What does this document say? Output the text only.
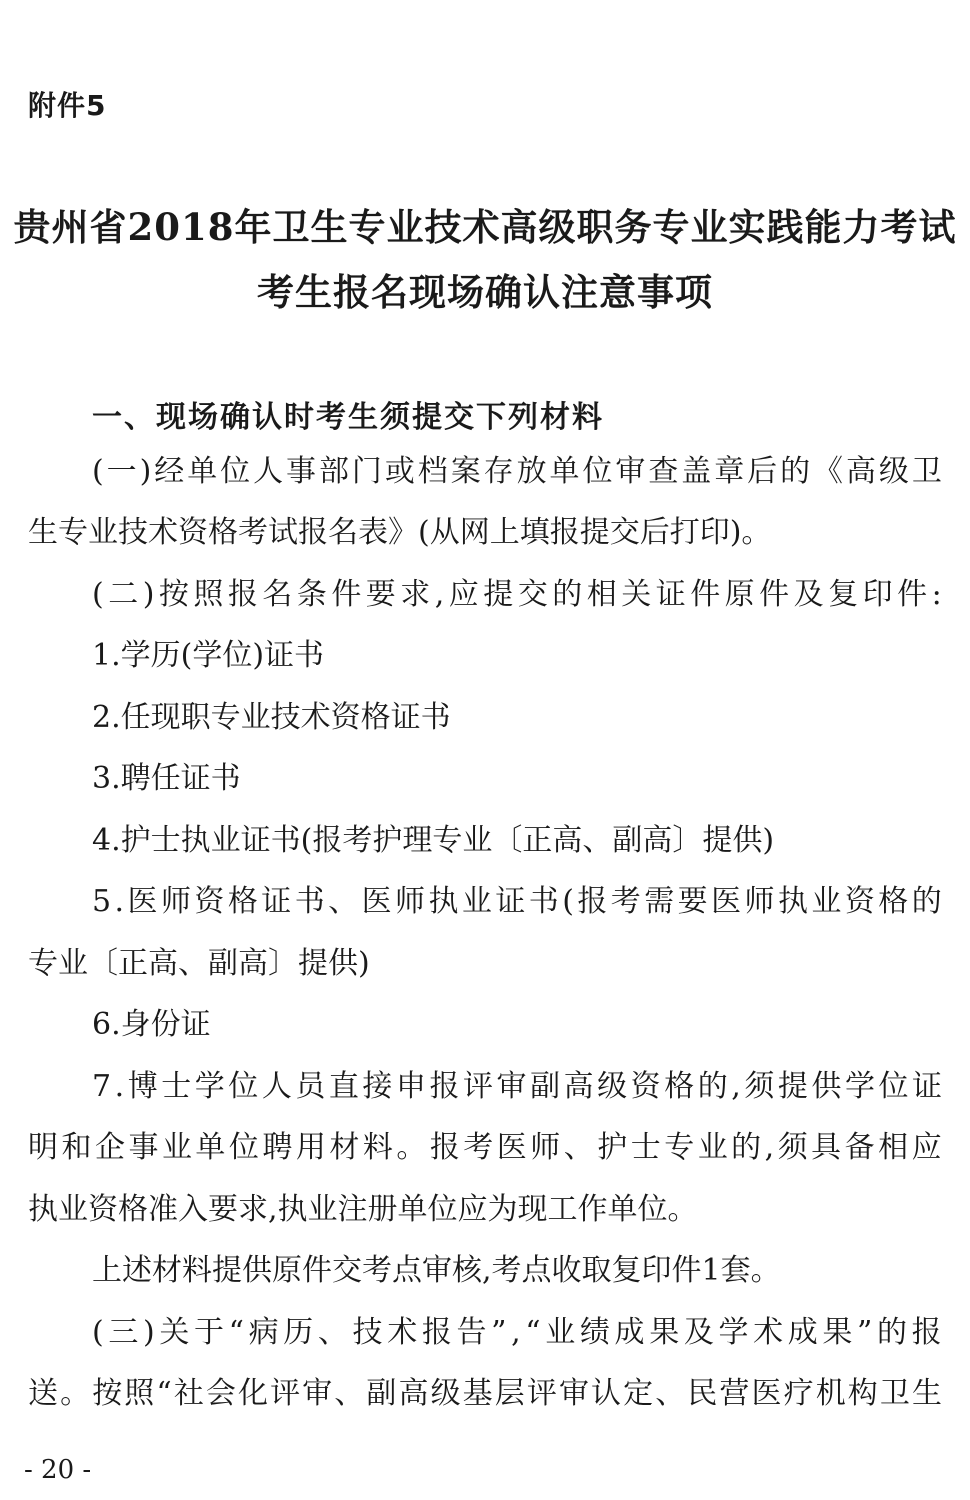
附件5
贵州省2018年卫生专业技术高级职务专业实践能力考试
考生报名现场确认注意事项
一、现场确认时考生须提交下列材料
( 一 ) 经 单 位 人 事 部 门 或 档 案 存 放 单 位 审 查 盖 章 后 的 《 高 级 卫
生专业技术资格考试报名表》(从网上填报提交后打印)。
( 二 ) 按 照 报 名 条 件 要 求 , 应 提 交 的 相 关 证 件 原 件 及 复 印 件 :
1.学历(学位)证书
2.任现职专业技术资格证书
3.聘任证书
4.护士执业证书(报考护理专业〔正高、副高〕提供)
5 . 医 师 资 格 证 书 、 医 师 执 业 证 书 ( 报 考 需 要 医 师 执 业 资 格 的
专业〔正高、副高〕提供)
6.身份证
7 . 博 士 学 位 人 员 直 接 申 报 评 审 副 高 级 资 格 的 , 须 提 供 学 位 证
明 和 企 事 业 单 位 聘 用 材 料 。 报 考 医 师 、 护 士 专 业 的 , 须 具 备 相 应
执业资格准入要求,执业注册单位应为现工作单位。
上述材料提供原件交考点审核,考点收取复印件1套。
( 三 ) 关 于 “ 病 历 、 技 术 报 告 ” , “ 业 绩 成 果 及 学 术 成 果 ” 的 报
送 。 按 照 “ 社 会 化 评 审 、 副 高 级 基 层 评 审 认 定 、 民 营 医 疗 机 构 卫 生
- 20 -
